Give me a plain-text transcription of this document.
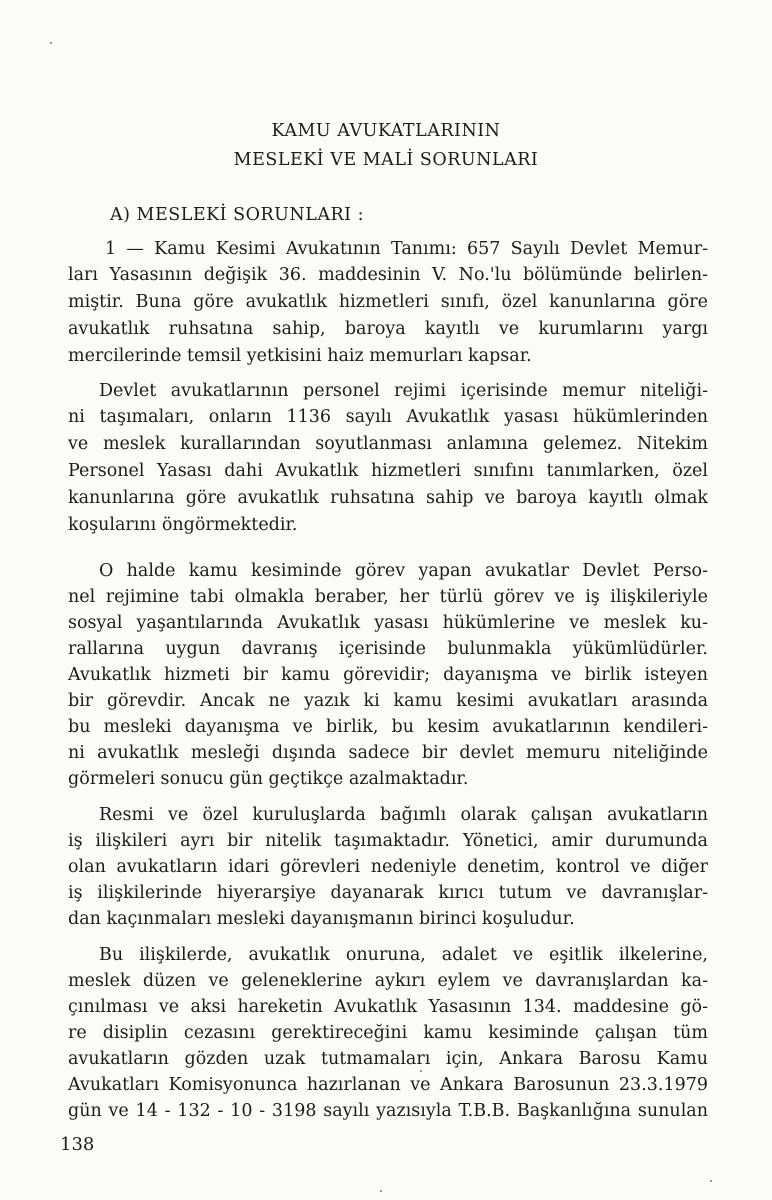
KAMU AVUKATLARININ
MESLEKİ VE MALİ SORUNLARI
A) MESLEKİ SORUNLARI :
1 — Kamu Kesimi Avukatının Tanımı: 657 Sayılı Devlet Memur-
ları Yasasının değişik 36. maddesinin V. No.'lu bölümünde belirlen-
miştir. Buna göre avukatlık hizmetleri sınıfı, özel kanunlarına göre
avukatlık ruhsatına sahip, baroya kayıtlı ve kurumlarını yargı
mercilerinde temsil yetkisini haiz memurları kapsar.
Devlet avukatlarının personel rejimi içerisinde memur niteliği-
ni taşımaları, onların 1136 sayılı Avukatlık yasası hükümlerinden
ve meslek kurallarından soyutlanması anlamına gelemez. Nitekim
Personel Yasası dahi Avukatlık hizmetleri sınıfını tanımlarken, özel
kanunlarına göre avukatlık ruhsatına sahip ve baroya kayıtlı olmak
koşularını öngörmektedir.
O halde kamu kesiminde görev yapan avukatlar Devlet Perso-
nel rejimine tabi olmakla beraber, her türlü görev ve iş ilişkileriyle
sosyal yaşantılarında Avukatlık yasası hükümlerine ve meslek ku-
rallarına uygun davranış içerisinde bulunmakla yükümlüdürler.
Avukatlık hizmeti bir kamu görevidir; dayanışma ve birlik isteyen
bir görevdir. Ancak ne yazık ki kamu kesimi avukatları arasında
bu mesleki dayanışma ve birlik, bu kesim avukatlarının kendileri-
ni avukatlık mesleği dışında sadece bir devlet memuru niteliğinde
görmeleri sonucu gün geçtikçe azalmaktadır.
Resmi ve özel kuruluşlarda bağımlı olarak çalışan avukatların
iş ilişkileri ayrı bir nitelik taşımaktadır. Yönetici, amir durumunda
olan avukatların idari görevleri nedeniyle denetim, kontrol ve diğer
iş ilişkilerinde hiyerarşiye dayanarak kırıcı tutum ve davranışlar-
dan kaçınmaları mesleki dayanışmanın birinci koşuludur.
Bu ilişkilerde, avukatlık onuruna, adalet ve eşitlik ilkelerine,
meslek düzen ve geleneklerine aykırı eylem ve davranışlardan ka-
çınılması ve aksi hareketin Avukatlık Yasasının 134. maddesine gö-
re disiplin cezasını gerektireceğini kamu kesiminde çalışan tüm
avukatların gözden uzak tutmamaları için, Ankara Barosu Kamu
Avukatları Komisyonunca hazırlanan ve Ankara Barosunun 23.3.1979
gün ve 14 - 132 - 10 - 3198 sayılı yazısıyla T.B.B. Başkanlığına sunulan
138
